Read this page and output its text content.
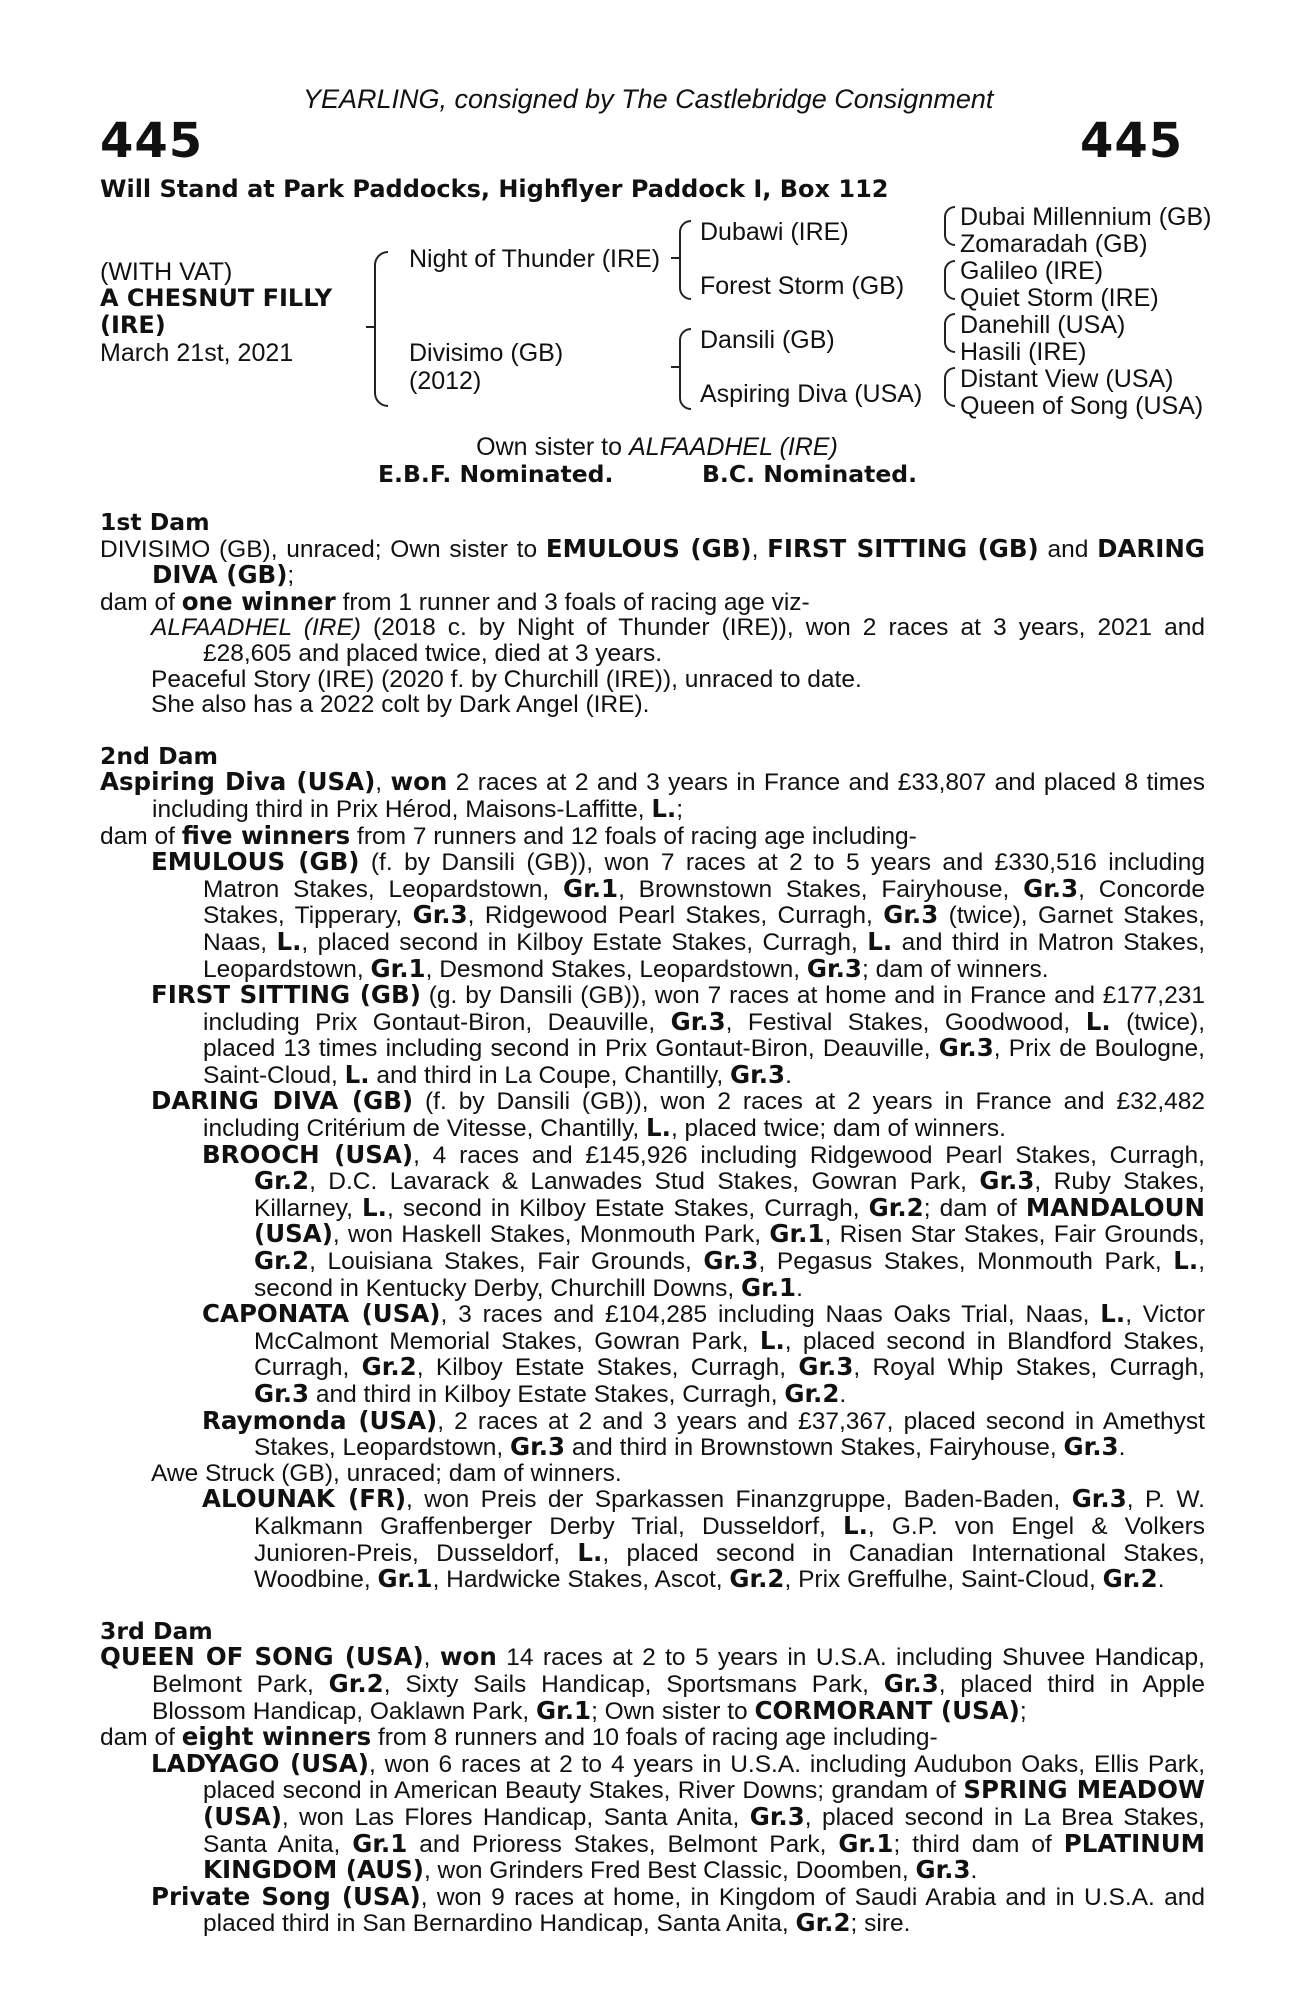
YEARLING, consigned by The Castlebridge Consignment
445	445
Will Stand at Park Paddocks, Highflyer Paddock I, Box 112
(WITH VAT)
A CHESNUT FILLY
(IRE)
March 21st, 2021
Night of Thunder (IRE)
Divisimo (GB)
(2012)
Dubawi (IRE)
Forest Storm (GB)
Dansili (GB)
Aspiring Diva (USA)
Dubai Millennium (GB)
Zomaradah (GB)
Galileo (IRE)
Quiet Storm (IRE)
Danehill (USA)
Hasili (IRE)
Distant View (USA)
Queen of Song (USA)
Own sister to ALFAADHEL (IRE)
E.B.F. Nominated.	B.C. Nominated.

1st Dam

DIVISIMO (GB), unraced; Own sister to EMULOUS (GB), FIRST SITTING (GB) and DARING DIVA (GB);

dam of one winner from 1 runner and 3 foals of racing age viz-

ALFAADHEL (IRE) (2018 c. by Night of Thunder (IRE)), won 2 races at 3 years, 2021 and £28,605 and placed twice, died at 3 years.

Peaceful Story (IRE) (2020 f. by Churchill (IRE)), unraced to date.

She also has a 2022 colt by Dark Angel (IRE).

2nd Dam

Aspiring Diva (USA), won 2 races at 2 and 3 years in France and £33,807 and placed 8 times including third in Prix Hérod, Maisons-Laffitte, L.;

dam of five winners from 7 runners and 12 foals of racing age including-

EMULOUS (GB) (f. by Dansili (GB)), won 7 races at 2 to 5 years and £330,516 including Matron Stakes, Leopardstown, Gr.1, Brownstown Stakes, Fairyhouse, Gr.3, Concorde Stakes, Tipperary, Gr.3, Ridgewood Pearl Stakes, Curragh, Gr.3 (twice), Garnet Stakes, Naas, L., placed second in Kilboy Estate Stakes, Curragh, L. and third in Matron Stakes, Leopardstown, Gr.1, Desmond Stakes, Leopardstown, Gr.3; dam of winners.

FIRST SITTING (GB) (g. by Dansili (GB)), won 7 races at home and in France and £177,231 including Prix Gontaut-Biron, Deauville, Gr.3, Festival Stakes, Goodwood, L. (twice), placed 13 times including second in Prix Gontaut-Biron, Deauville, Gr.3, Prix de Boulogne, Saint-Cloud, L. and third in La Coupe, Chantilly, Gr.3.

DARING DIVA (GB) (f. by Dansili (GB)), won 2 races at 2 years in France and £32,482 including Critérium de Vitesse, Chantilly, L., placed twice; dam of winners.

BROOCH (USA), 4 races and £145,926 including Ridgewood Pearl Stakes, Curragh, Gr.2, D.C. Lavarack & Lanwades Stud Stakes, Gowran Park, Gr.3, Ruby Stakes, Killarney, L., second in Kilboy Estate Stakes, Curragh, Gr.2; dam of MANDALOUN (USA), won Haskell Stakes, Monmouth Park, Gr.1, Risen Star Stakes, Fair Grounds, Gr.2, Louisiana Stakes, Fair Grounds, Gr.3, Pegasus Stakes, Monmouth Park, L., second in Kentucky Derby, Churchill Downs, Gr.1.

CAPONATA (USA), 3 races and £104,285 including Naas Oaks Trial, Naas, L., Victor McCalmont Memorial Stakes, Gowran Park, L., placed second in Blandford Stakes, Curragh, Gr.2, Kilboy Estate Stakes, Curragh, Gr.3, Royal Whip Stakes, Curragh, Gr.3 and third in Kilboy Estate Stakes, Curragh, Gr.2.

Raymonda (USA), 2 races at 2 and 3 years and £37,367, placed second in Amethyst Stakes, Leopardstown, Gr.3 and third in Brownstown Stakes, Fairyhouse, Gr.3.

Awe Struck (GB), unraced; dam of winners.

ALOUNAK (FR), won Preis der Sparkassen Finanzgruppe, Baden-Baden, Gr.3, P. W. Kalkmann Graffenberger Derby Trial, Dusseldorf, L., G.P. von Engel & Volkers Junioren-Preis, Dusseldorf, L., placed second in Canadian International Stakes, Woodbine, Gr.1, Hardwicke Stakes, Ascot, Gr.2, Prix Greffulhe, Saint-Cloud, Gr.2.

3rd Dam

QUEEN OF SONG (USA), won 14 races at 2 to 5 years in U.S.A. including Shuvee Handicap, Belmont Park, Gr.2, Sixty Sails Handicap, Sportsmans Park, Gr.3, placed third in Apple Blossom Handicap, Oaklawn Park, Gr.1; Own sister to CORMORANT (USA);

dam of eight winners from 8 runners and 10 foals of racing age including-

LADYAGO (USA), won 6 races at 2 to 4 years in U.S.A. including Audubon Oaks, Ellis Park, placed second in American Beauty Stakes, River Downs; grandam of SPRING MEADOW (USA), won Las Flores Handicap, Santa Anita, Gr.3, placed second in La Brea Stakes, Santa Anita, Gr.1 and Prioress Stakes, Belmont Park, Gr.1; third dam of PLATINUM KINGDOM (AUS), won Grinders Fred Best Classic, Doomben, Gr.3.

Private Song (USA), won 9 races at home, in Kingdom of Saudi Arabia and in U.S.A. and placed third in San Bernardino Handicap, Santa Anita, Gr.2; sire.
